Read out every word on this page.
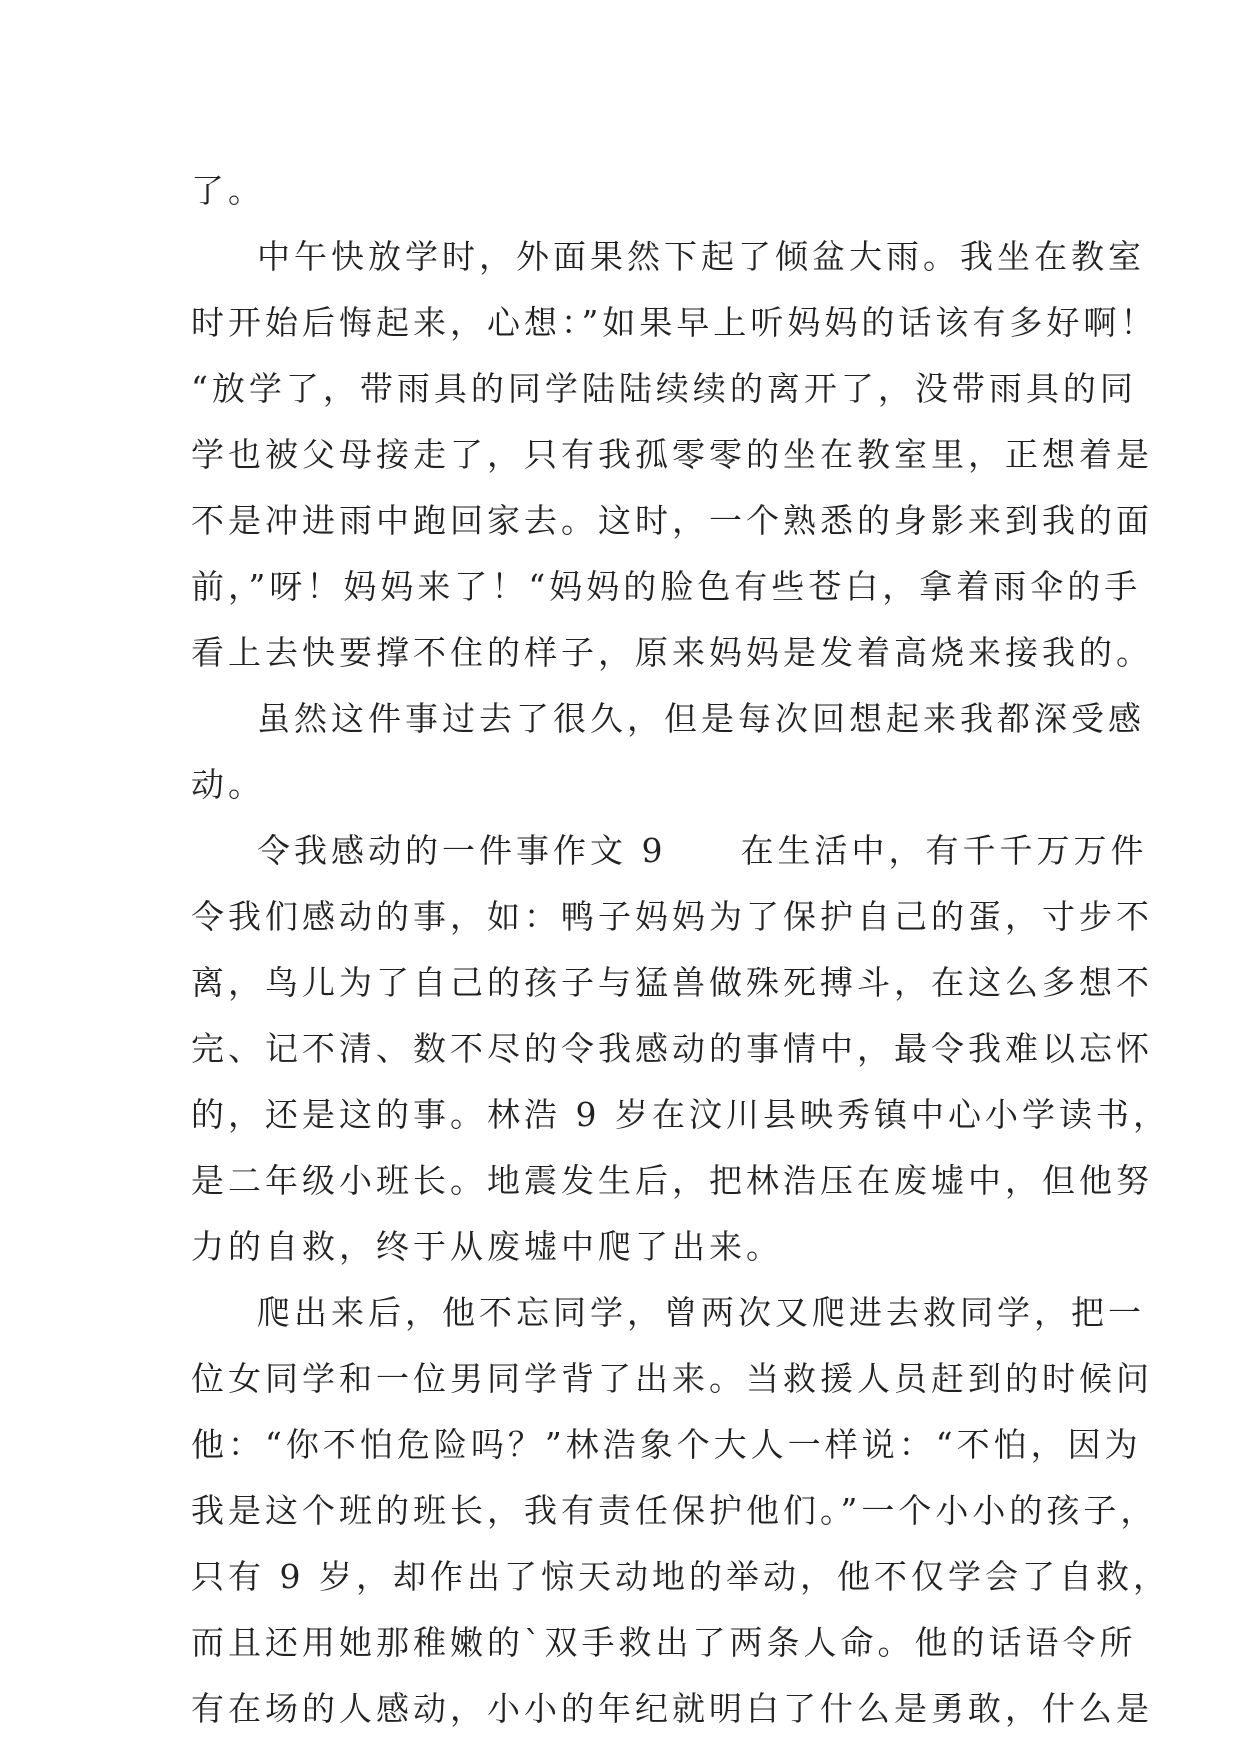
了。
中午快放学时，外面果然下起了倾盆大雨。我坐在教室
时开始后悔起来，心想：”如果早上听妈妈的话该有多好啊！
“放学了，带雨具的同学陆陆续续的离开了，没带雨具的同
学也被父母接走了，只有我孤零零的坐在教室里，正想着是
不是冲进雨中跑回家去。这时，一个熟悉的身影来到我的面
前，”呀！妈妈来了！“妈妈的脸色有些苍白，拿着雨伞的手
看上去快要撑不住的样子，原来妈妈是发着高烧来接我的。
虽然这件事过去了很久，但是每次回想起来我都深受感
动。
令我感动的一件事作文 9　　在生活中，有千千万万件
令我们感动的事，如：鸭子妈妈为了保护自己的蛋，寸步不
离，鸟儿为了自己的孩子与猛兽做殊死搏斗，在这么多想不
完、记不清、数不尽的令我感动的事情中，最令我难以忘怀
的，还是这的事。林浩 9 岁在汶川县映秀镇中心小学读书，
是二年级小班长。地震发生后，把林浩压在废墟中，但他努
力的自救，终于从废墟中爬了出来。
爬出来后，他不忘同学，曾两次又爬进去救同学，把一
位女同学和一位男同学背了出来。当救援人员赶到的时候问
他：“你不怕危险吗？”林浩象个大人一样说：“不怕，因为
我是这个班的班长，我有责任保护他们。”一个小小的孩子，
只有 9 岁，却作出了惊天动地的举动，他不仅学会了自救，
而且还用她那稚嫩的`双手救出了两条人命。他的话语令所
有在场的人感动，小小的年纪就明白了什么是勇敢，什么是
